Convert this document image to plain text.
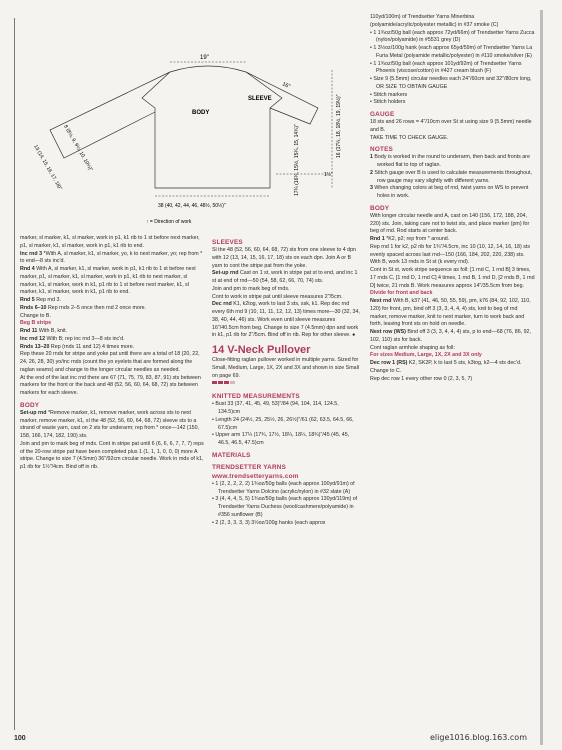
19"
BODY
SLEEVE
16"
13 (14, 15, 16, 17, 18)" 8 (8½, 9, 9½, 10, 10½)"	17¼ (16¼, 15½, 15¼, 15, 14¾)"	16 (17¼, 18, 18½, 19, 19½)"
1½"
38 (40, 42, 44, 46, 48½, 50½)"
↑ = Direction of work
marker, sl marker, k1, sl marker, work in p1, k1 rib to 1 st before next marker, p1, sl marker, k1, sl marker, work in p1, k1 rib to end.
Inc rnd 3 *With A, sl marker, k1, sl marker, yo, k to next marker, yo; rep from * to end—8 sts inc'd.
Rnd 4 With A, sl marker, k1, sl marker, work in p1, k1 rib to 1 st before next marker, p1, sl marker, k1, sl marker, work in p1, k1 rib to next marker, sl marker, k1, sl marker, work in k1, p1 rib to 1 st before next marker, k1, sl marker, k1, sl marker, work in k1, p1 rib to end.
Rnd 5 Rep rnd 3.
Rnds 6–10 Rep rnds 2–5 once then rnd 2 once more.
Change to B.
Beg B stripe
Rnd 11 With B, knit.
Inc rnd 12 With B; rep inc rnd 3—8 sts inc'd.
Rnds 13–20 Rep (rnds 11 and 12) 4 times more.
Rep these 20 rnds for stripe and yoke pat until there are a total of 18 (20, 22, 24, 26, 28, 30) yo/inc rnds (count the yo eyelets that are formed along the raglan seams) and change to the longer circular needles as needed.
At the end of the last inc rnd there are 67 (71, 75, 79, 83, 87, 91) sts between markers for the front or the back and 48 (52, 56, 60, 64, 68, 72) sts between markers for each sleeve.
BODY
Set-up rnd *Remove marker, k1, remove marker, work across sts to next marker, remove marker, k1, sl the 48 (52, 56, 60, 64, 68, 72) sleeve sts to a strand of waste yarn, cast on 2 sts for underarm; rep from * once—142 (150, 158, 166, 174, 182, 190) sts.
Join and pm to mark beg of rnds. Cont in stripe pat until 6 (6, 6, 6, 7, 7, 7) reps of the 20-row stripe pat have been completed plus 1 (1, 1, 1, 0, 0, 0) more A stripe. Change to size 7 (4.5mm) 36"/92cm circular needle. Work in rnds of k1, p1 rib for 1½"/4cm. Bind off in rib.
SLEEVES
Sl the 48 (52, 56, 60, 64, 68, 72) sts from one sleeve to 4 dpn with 12 (13, 14, 15, 16, 17, 18) sts on each dpn. Join A or B yarn to cont the stripe pat from the yoke.
Set-up rnd Cast on 1 st, work in stripe pat st to end, and inc 1 st at end of rnd—50 (54, 58, 62, 66, 70, 74) sts.
Join and pm to mark beg of rnds.
Cont to work in stripe pat until sleeve measures 2"/5cm.
Dec rnd K1, k2tog, work to last 3 sts, ssk, k1. Rep dec rnd every 6th rnd 9 (10, 11, 11, 12, 12, 13) times more—30 (32, 34, 38, 40, 44, 46) sts. Work even until sleeve measures 16"/40.5cm from beg. Change to size 7 (4.5mm) dpn and work in k1, p1 rib for 2"/5cm. Bind off in rib. Rep for other sleeve. ●
14 V-Neck Pullover
Close-fitting raglan pullover worked in multiple yarns. Sized for Small, Medium, Large, 1X, 2X and 3X and shown in size Small on page 69.
KNITTED MEASUREMENTS
• Bust 33 (37, 41, 45, 49, 53)"/84 (94, 104, 114, 124.5, 134.5)cm
• Length 24 (24½, 25, 25½, 26, 26½)"/61 (62, 63.5, 64.5, 66, 67.5)cm
• Upper arm 17¼ (17¾, 17½, 18¼, 18¼, 18¾)"/45 (45, 45, 46.5, 46.5, 47.5)cm
MATERIALS
TRENDSETTER YARNS
www.trendsetteryarns.com
• 1 (2, 2, 2, 2, 2) 1¾oz/50g balls (each approx 100yd/91m) of Trendsetter Yarns Dolcino (acrylic/nylon) in #32 slate (A)
• 3 (4, 4, 4, 5, 5) 1¾oz/50g balls (each approx 130yd/119m) of Trendsetter Yarns Duchess (wool/cashmere/polyamide) in #356 sunflower (B)
• 2 (2, 3, 3, 3, 3) 3½oz/100g hanks (each approx
110yd/100m) of Trendsetter Yarns Minerbina (polyamide/acrylic/polyester metallic) in #37 smoke (C)
• 1 1¾oz/50g ball (each approx 72yd/66m) of Trendsetter Yarns Zucca (nylon/polyamide) in #5531 grey (D)
• 1 3½oz/100g hank (each approx 65yd/59m) of Trendsetter Yarns La Furia Metal (polyamide metallic/polyester) in #110 smoke/silver (E)
• 1 1¾oz/50g ball (each approx 101yd/92m) of Trendsetter Yarns Phoenix (viscose/cotton) in #427 cream blush (F)
• Size 9 (5.5mm) circular needles each 24"/60cm and 32"/80cm long, OR SIZE TO OBTAIN GAUGE
• Stitch markers
• Stitch holders
GAUGE
18 sts and 26 rows = 4"/10cm over St st using size 9 (5.5mm) needle and B.
TAKE TIME TO CHECK GAUGE.
NOTES
1 Body is worked in the round to underarm, then back and fronts are worked flat to top of raglan.
2 Stitch gauge over B is used to calculate measurements throughout, row gauge may vary slightly with different yarns.
3 When changing colors at beg of rnd, twist yarns on WS to prevent holes in work.
BODY
With longer circular needle and A, cast on 140 (156, 172, 188, 204, 220) sts. Join, taking care not to twist sts, and place marker (pm) for beg of rnd. Rod starts at center back.
Rnd 1 *K2, p2; rep from * around.
Rep rnd 1 for k2, p2 rib for 1¾"/4.5cm, inc 10 (10, 12, 14, 16, 18) sts evenly spaced across last rnd—150 (166, 184, 202, 220, 238) sts.
With B, work 13 rnds in St st (k every rnd).
Cont in St st, work stripe sequence as foll: [1 rnd C, 1 rnd B] 3 times, 17 rnds C, [1 rnd D, 1 rnd C] 4 times, 1 rnd B, 1 rnd D, [2 rnds B, 1 rnd D] twice, 21 rnds B. Work measures approx 14"/35.5cm from beg.
Divide for front and back
Next rnd With B, k37 (41, 46, 50, 55, 59), pm, k76 (84, 92, 102, 110, 120) for front, pm, bind off 3 (3, 3, 4, 4, 4) sts, knit to beg of rnd marker, remove marker, knit to next marker, turn to work back and forth, leaving front sts on hold on needle.
Next row (WS) Bind off 3 (3, 3, 4, 4, 4) sts, p to end—68 (76, 86, 92, 102, 110) sts for back.
Cont raglan armhole shaping as foll:
For sizes Medium, Large, 1X, 2X and 3X only
Dec row 1 (RS) K2, SK2P, k to last 5 sts, k3tog, k2—4 sts dec'd. Change to C.
Rep dec row 1 every other row 0 (2, 3, 5, 7)
100	elige1016.blog.163.com
